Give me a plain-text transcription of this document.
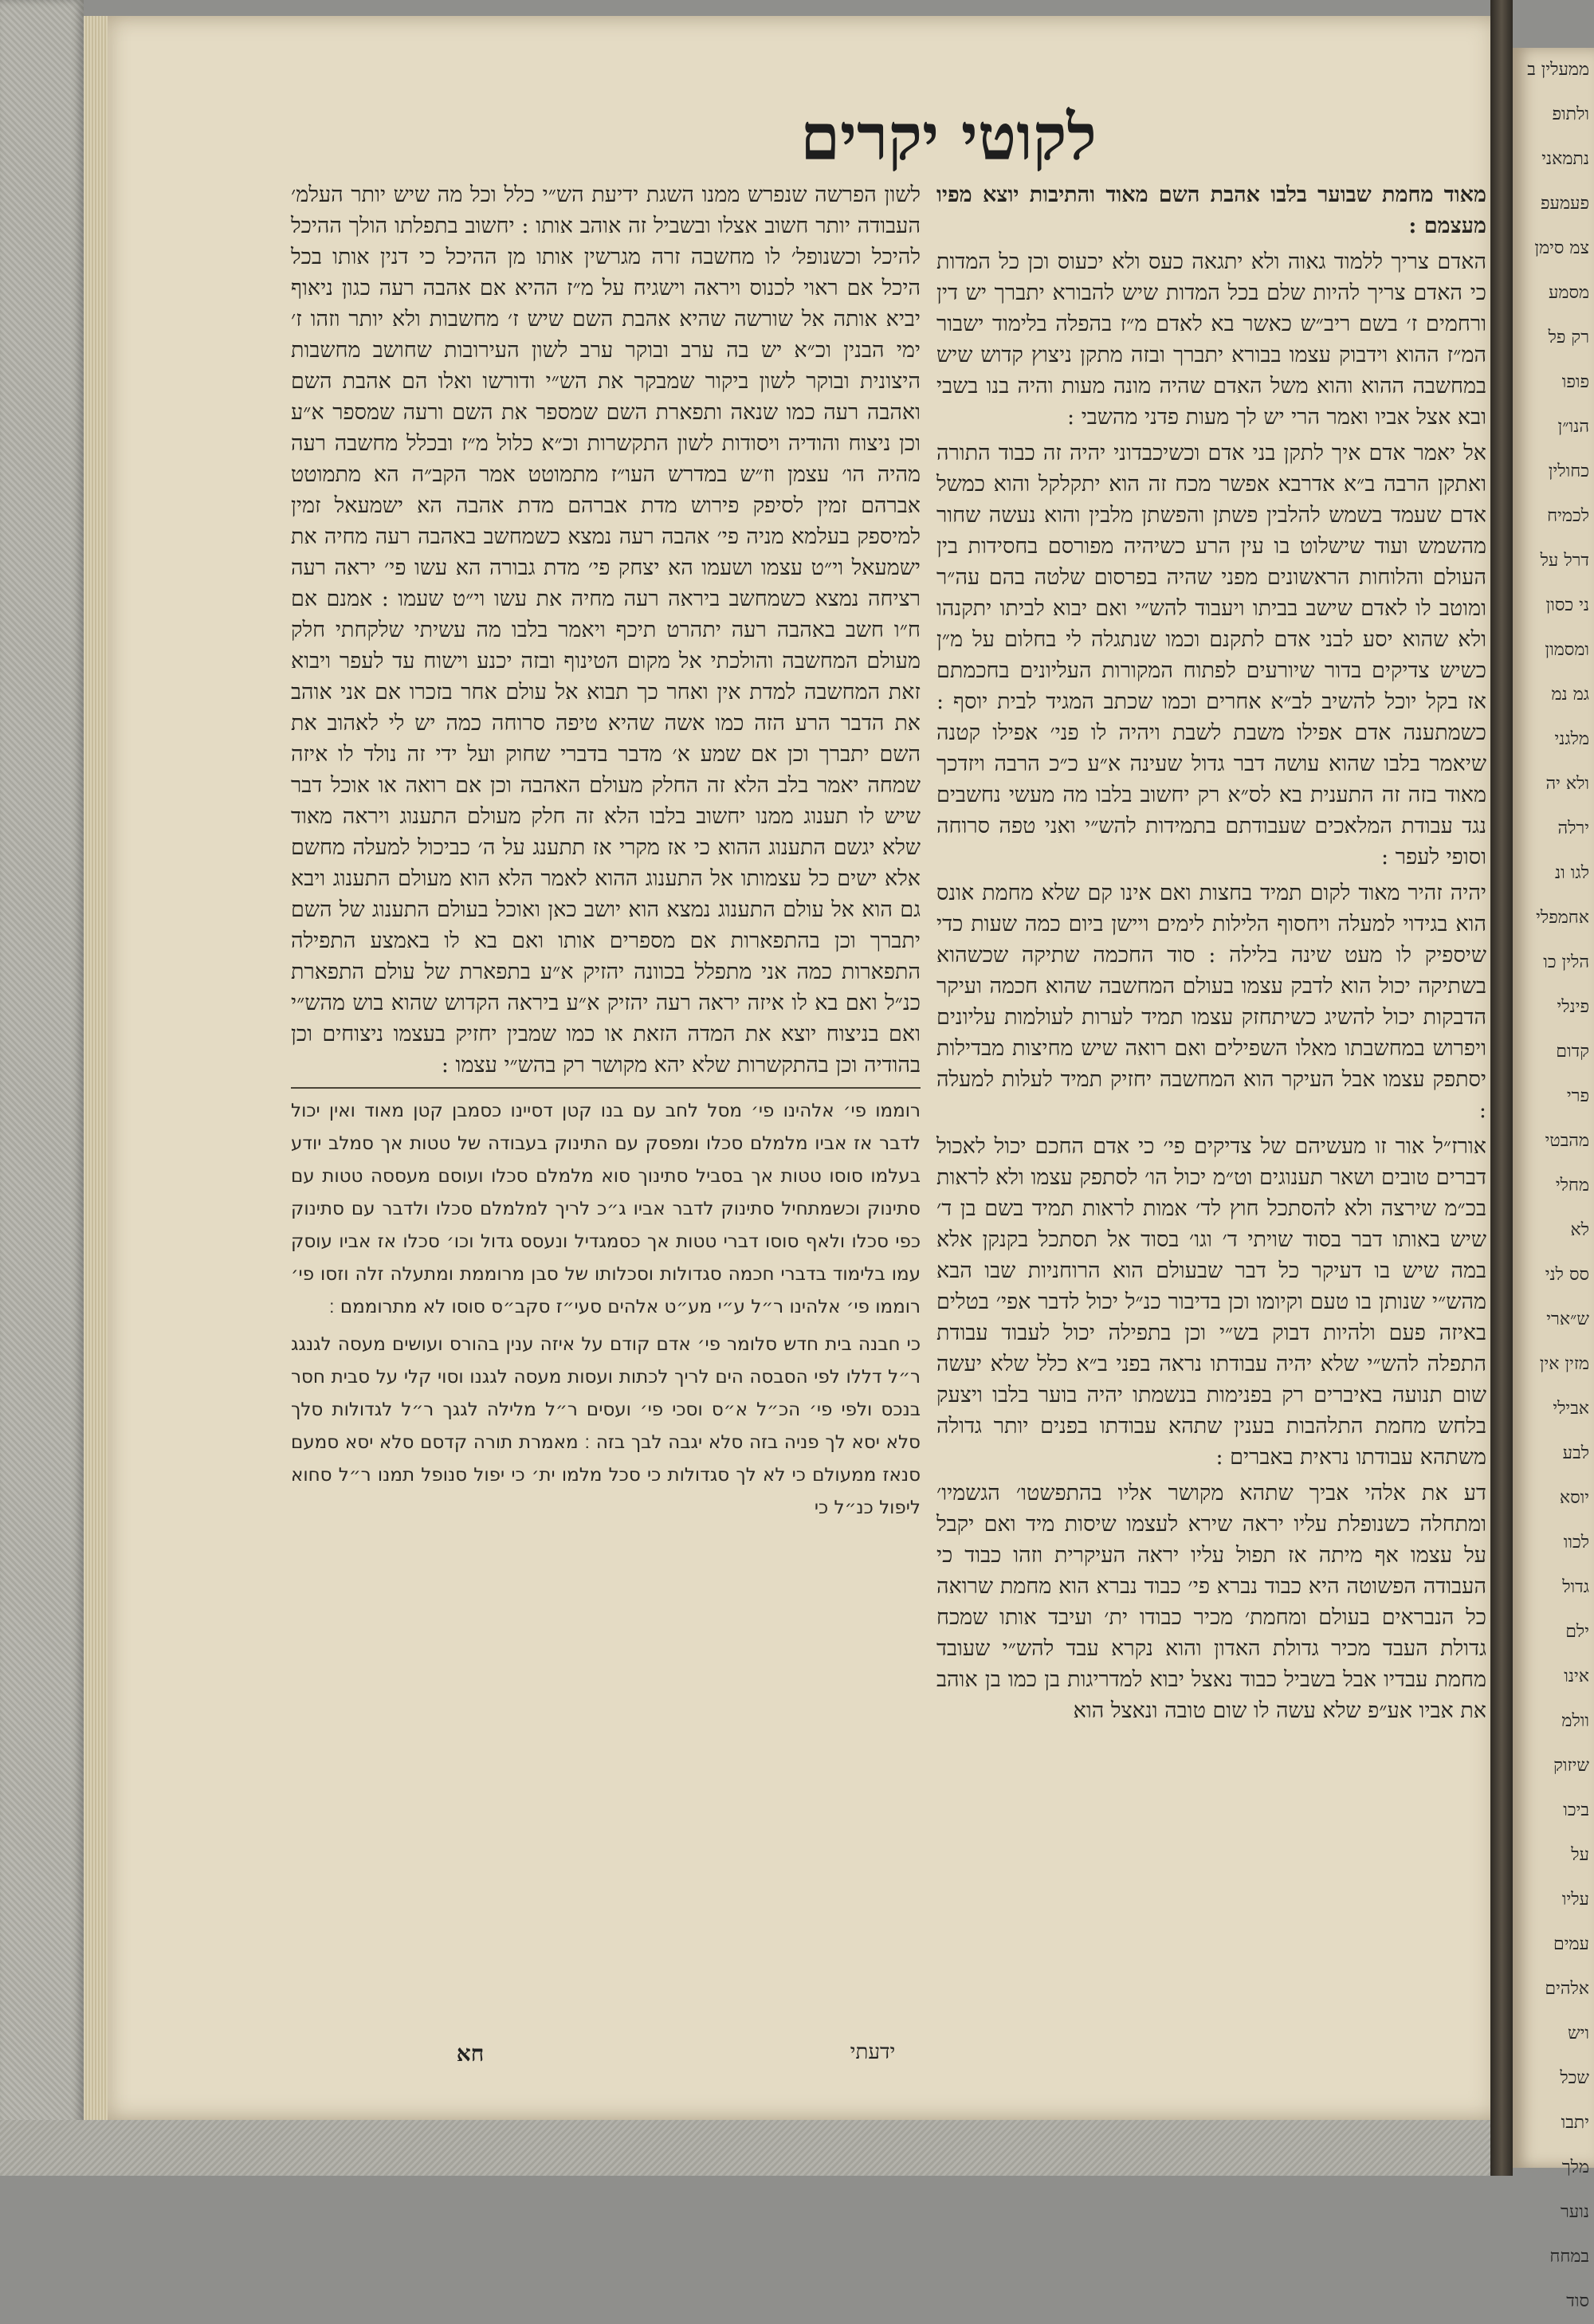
לקוטי יקרים

מאוד מחמת שבוער בלבו אהבת השם מאוד והתיבות יוצא מפיו מעצמם :

האדם צריך ללמוד גאוה ולא יתגאה כעס ולא יכעוס וכן כל המדות כי האדם צריך להיות שלם בכל המדות שיש להבורא יתברך יש דין ורחמים ז׳ בשם ריב״ש כאשר בא לאדם מ״ז בהפלה בלימוד ישבור המ״ז ההוא וידבוק עצמו בבורא יתברך ובזה מתקן ניצוץ קדוש שיש במחשבה ההוא והוא משל האדם שהיה מונה מעות והיה בנו בשבי ובא אצל אביו ואמר הרי יש לך מעות פדני מהשבי :

אל יאמר אדם איך לתקן בני אדם וכשיכבדוני יהיה זה כבוד התורה ואתקן הרבה ב״א אדרבא אפשר מכח זה הוא יתקלקל והוא כמשל אדם שעמד בשמש להלבין פשתן והפשתן מלבין והוא נעשה שחור מהשמש ועוד שישלוט בו עין הרע כשיהיה מפורסם בחסידות בין העולם והלוחות הראשונים מפני שהיה בפרסום שלטה בהם עה״ר ומוטב לו לאדם שישב בביתו ויעבוד להש״י ואם יבוא לביתו יתקנהו ולא שהוא יסע לבני אדם לתקנם וכמו שנתגלה לי בחלום על מ״ן כשיש צדיקים בדור שיורעים לפתוח המקורות העליונים בחכמתם אז בקל יוכל להשיב לב״א אחרים וכמו שכתב המגיד לבית יוסף : כשמתענה אדם אפילו משבת לשבת ויהיה לו פני׳ אפילו קטנה שיאמר בלבו שהוא עושה דבר גדול שעינה א״ע כ״כ הרבה ויזדכך מאוד בזה זה התענית בא לס״א רק יחשוב בלבו מה מעשי נחשבים נגד עבודת המלאכים שעבודתם בתמידות להש״י ואני טפה סרוחה וסופי לעפר :

יהיה זהיר מאוד לקום תמיד בחצות ואם אינו קם שלא מחמת אונס הוא בגידוי למעלה ויחסוף הלילות לימים ויישן ביום כמה שעות כדי שיספיק לו מעט שינה בלילה : סוד החכמה שתיקה שכשהוא בשתיקה יכול הוא לדבק עצמו בעולם המחשבה שהוא חכמה ועיקר הדבקות יכול להשיג כשיתחזק עצמו תמיד לערות לעולמות עליונים ויפרוש במחשבתו מאלו השפילים ואם רואה שיש מחיצות מבדילות יסתפק עצמו אבל העיקר הוא המחשבה יחזיק תמיד לעלות למעלה :

אורז״ל אור זו מעשיהם של צדיקים פי׳ כי אדם החכם יכול לאכול דברים טובים ושאר תענוגים וט״מ יכול הו׳ לסתפק עצמו ולא לראות בכ״מ שירצה ולא להסתכל חוץ לד׳ אמות לראות תמיד בשם בן ד׳ שיש באותו דבר בסוד שויתי ד׳ וגו׳ בסוד אל תסתכל בקנקן אלא במה שיש בו דעיקר כל דבר שבעולם הוא הרוחניות שבו הבא מהש״י שנותן בו טעם וקיומו וכן בדיבור כנ״ל יכול לדבר אפי׳ בטלים באיזה פעם ולהיות דבוק בש״י וכן בתפילה יכול לעבוד עבודת התפלה להש״י שלא יהיה עבודתו נראה בפני ב״א כלל שלא יעשה שום תנועה באיברים רק בפנימות בנשמתו יהיה בוער בלבו ויצעק בלחש מחמת התלהבות בענין שתהא עבודתו בפנים יותר גדולה משתהא עבודתו נראית באברים :

דע את אלהי אביך שתהא מקושר אליו בהתפשטו׳ הגשמיו׳ ומתחלה כשנופלת עליו יראה שירא לעצמו שיסות מיד ואם יקבל על עצמו אף מיתה אז תפול עליו יראה העיקרית וזהו כבוד כי העבודה הפשוטה היא כבוד נברא פי׳ כבוד נברא הוא מחמת שרואה כל הנבראים בעולם ומחמת׳ מכיר כבודו ית׳ ועיבד אותו שמכח גדולת העבד מכיר גדולת האדון והוא נקרא עבד להש״י שעובד מחמת עבדיו אבל בשביל כבוד נאצל יבוא למדריגות בן כמו בן אוהב את אביו אע״פ שלא עשה לו שום טובה ונאצל הוא

לשון הפרשה שנפרש ממנו השגת ידיעת הש״י כלל וכל מה שיש יותר העלמ׳ העבודה יותר חשוב אצלו ובשביל זה אוהב אותו : יחשוב בתפלתו הולך ההיכל להיכל וכשנופל׳ לו מחשבה זרה מגרשין אותו מן ההיכל כי דנין אותו בכל היכל אם ראוי לכנוס ויראה וישגיח על מ״ז ההיא אם אהבה רעה כגון ניאוף יביא אותה אל שורשה שהיא אהבת השם שיש ז׳ מחשבות ולא יותר וזהו ז׳ ימי הבנין וכ״א יש בה ערב ובוקר ערב לשון העירובות שחושב מחשבות היצונית ובוקר לשון ביקור שמבקר את הש״י ודורשו ואלו הם אהבת השם ואהבה רעה כמו שנאה ותפארת השם שמספר את השם ורעה שמספר א״ע וכן ניצוח והודיה ויסודות לשון התקשרות וכ״א כלול מ״ז ובכלל מחשבה רעה מהיה הו׳ עצמן וז״ש במדרש העו״ז מתמוטט אמר הקב״ה הא מתמוטט אברהם זמין לסיפק פירוש מדת אברהם מדת אהבה הא ישמעאל זמין למיספק בעלמא מניה פי׳ אהבה רעה נמצא כשמחשב באהבה רעה מחיה את ישמעאל וי״ט עצמו ושעמו הא יצחק פי׳ מדת גבורה הא עשו פי׳ יראה רעה רציחה נמצא כשמחשב ביראה רעה מחיה את עשו וי״ט שעמו : אמנם אם ח״ו חשב באהבה רעה יתהרט תיכף ויאמר בלבו מה עשיתי שלקחתי חלק מעולם המחשבה והולכתי אל מקום הטינוף ובזה יכנע וישוח עד לעפר ויבוא זאת המחשבה למדת אין ואחר כך תבוא אל עולם אחר בזכרו אם אני אוהב את הדבר הרע הזה כמו אשה שהיא טיפה סרוחה כמה יש לי לאהוב את השם יתברך וכן אם שמע א׳ מדבר בדברי שחוק ועל ידי זה נולד לו איזה שמחה יאמר בלב הלא זה החלק מעולם האהבה וכן אם רואה או אוכל דבר שיש לו תענוג ממנו יחשוב בלבו הלא זה חלק מעולם התענוג ויראה מאוד שלא יגשם התענוג ההוא כי אז מקרי אז תתענג על ה׳ כביכול למעלה מחשם אלא ישים כל עצמותו אל התענוג ההוא לאמר הלא הוא מעולם התענוג ויבא גם הוא אל עולם התענוג נמצא הוא יושב כאן ואוכל בעולם התענוג של השם יתברך וכן בהתפארות אם מספרים אותו ואם בא לו באמצע התפילה התפארות כמה אני מתפלל בכוונה יהזיק א״ע בתפארת של עולם התפארת כנ״ל ואם בא לו איזה יראה רעה יהזיק א״ע ביראה הקדוש שהוא בוש מהש״י ואם בניצוח יוצא את המדה הזאת או כמו שמבין יחזיק בעצמו ניצוחים וכן בהודיה וכן בהתקשרות שלא יהא מקושר רק בהש״י עצמו :

רוממו פי׳ אלהינו פי׳ מסל לחב עם בנו קטן דסיינו כסמבן קטן מאוד ואין יכול לדבר אז אביו מלמלם סכלו ומפסק עם התינוק בעבודה של טטות אך סמלב יודע בעלמו סוסו טטות אך בסביל סתינוך סוא מלמלם סכלו ועוסם מעססה טטות עם סתינוק וכשמתחיל סתינוק לדבר אביו ג״כ לריך למלמלם סכלו ולדבר עם סתינוק כפי סכלו ולאף סוסו דברי טטות אך כסמגדיל ונעסס גדול וכו׳ סכלו אז אביו עוסק עמו בלימוד בדברי חכמה סגדולות וסכלותו של סבן מרוממת ומתעלה זלה וזסו פי׳ רוממו פי׳ אלהינו ר״ל ע״י מע״ט אלהים סעי״ז סקב״ס סוסו לא מתרוממם ׃

כי חבנה בית חדש סלומר פי׳ אדם קודם על איזה ענין בהורס ועושים מעסה לגנגג ר״ל דללו לפי הסבסה הים לריך לכתות ועסות מעסה לגגנו וסוי קלי על סבית חסר בנכס ולפי פי׳ הכ״ל א״ס וסכי פי׳ ועסים ר״ל מלילה לגגך ר״ל לגדולות סלך סלא יסא לך פניה בזה סלא יגבה לבך בזה ׃ מאמרת תורה קדסם סלא יסא סמעם סנאז ממעולם כי לא לך סגדולות כי סכל מלמו ית׳ כי יפול סנופל תמנו ר״ל סחוא ליפול כנ״ל כי

חא	ידעתי
ממעלין ב
ולתופ
נתמאני
פעמעפ
צמ סימן
מסמע
רק פל
פופו
הנו״ן
כחולין
לכמיח
דרל על
ני כסון
ומסמון
גמ נמ
מלגני
ולא יה
ירלה
לגו ונ
אחמפלי
הלין כו
פינלי
קדום
פרי
מהבטי
מחלי
לא
סס לני
ש״ארי
מזין אין
אבילי
לבע
יוסא
לכוו
גדול
ילם
אינו
וולמ
שיזוק
ביכו
על
עליו
עמים
אלהים
ויש
שכל
יתבו
מלך
נוער
במחח
סוד
